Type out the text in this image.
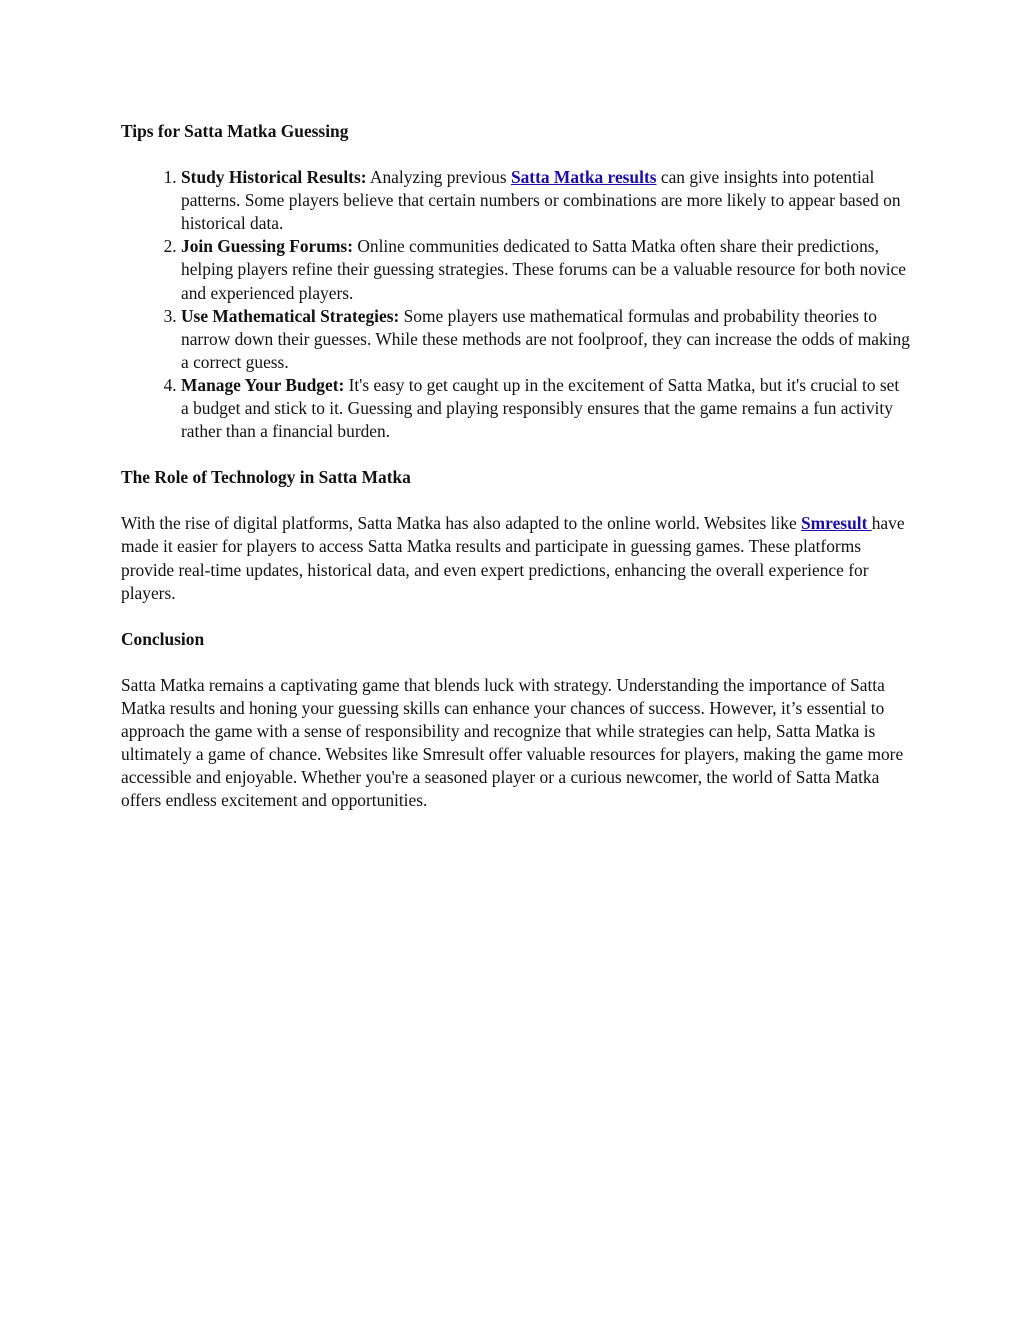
Tips for Satta Matka Guessing
1. Study Historical Results: Analyzing previous Satta Matka results can give insights into potential patterns. Some players believe that certain numbers or combinations are more likely to appear based on historical data.
2. Join Guessing Forums: Online communities dedicated to Satta Matka often share their predictions, helping players refine their guessing strategies. These forums can be a valuable resource for both novice and experienced players.
3. Use Mathematical Strategies: Some players use mathematical formulas and probability theories to narrow down their guesses. While these methods are not foolproof, they can increase the odds of making a correct guess.
4. Manage Your Budget: It's easy to get caught up in the excitement of Satta Matka, but it's crucial to set a budget and stick to it. Guessing and playing responsibly ensures that the game remains a fun activity rather than a financial burden.
The Role of Technology in Satta Matka

With the rise of digital platforms, Satta Matka has also adapted to the online world. Websites like Smresult have made it easier for players to access Satta Matka results and participate in guessing games. These platforms provide real-time updates, historical data, and even expert predictions, enhancing the overall experience for players.

Conclusion

Satta Matka remains a captivating game that blends luck with strategy. Understanding the importance of Satta Matka results and honing your guessing skills can enhance your chances of success. However, it’s essential to approach the game with a sense of responsibility and recognize that while strategies can help, Satta Matka is ultimately a game of chance. Websites like Smresult offer valuable resources for players, making the game more accessible and enjoyable. Whether you're a seasoned player or a curious newcomer, the world of Satta Matka offers endless excitement and opportunities.
